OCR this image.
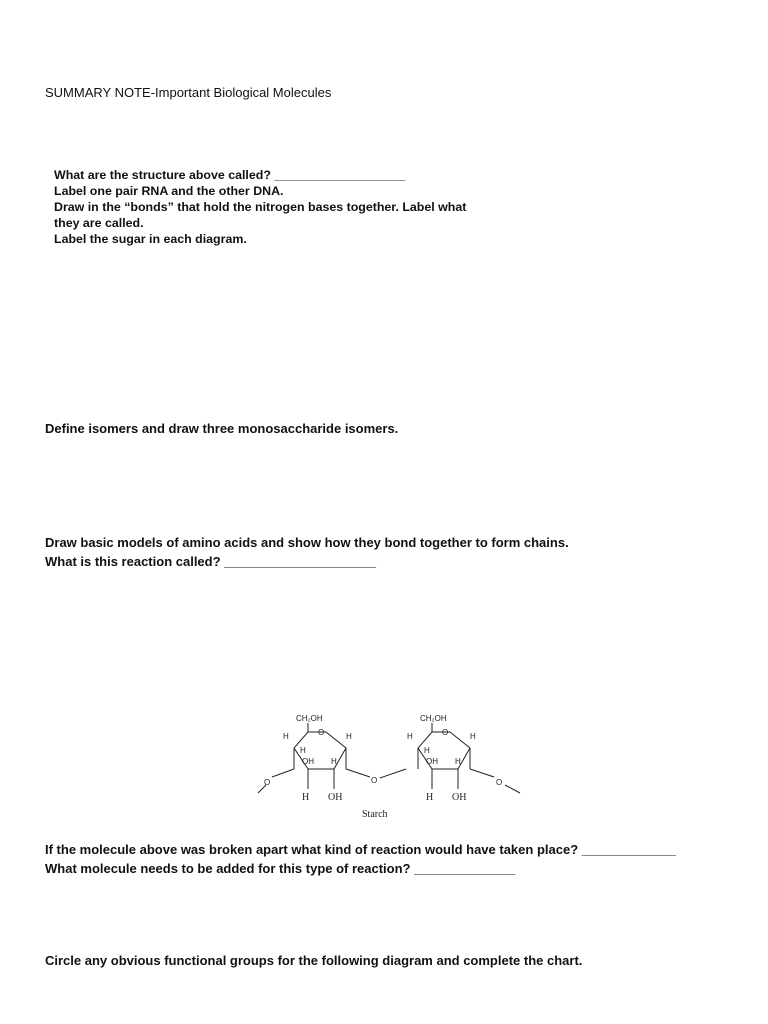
SUMMARY NOTE-Important Biological Molecules
What are the structure above called? ___________________
Label one pair RNA and the other DNA.
Draw in the “bonds” that hold the nitrogen bases together. Label what
they are called.
Label the sugar in each diagram.
Define isomers and draw three monosaccharide isomers.
Draw basic models of amino acids and show how they bond together to form chains.
What is this reaction called? _____________________
CH₂OH
O
H	H
H
OH H
H OH
O	O
CH₂OH
O
H	H
H
OH H
H OH
O
Starch
If the molecule above was broken apart what kind of reaction would have taken place? _____________
What molecule needs to be added for this type of reaction? ______________
Circle any obvious functional groups for the following diagram and complete the chart.
